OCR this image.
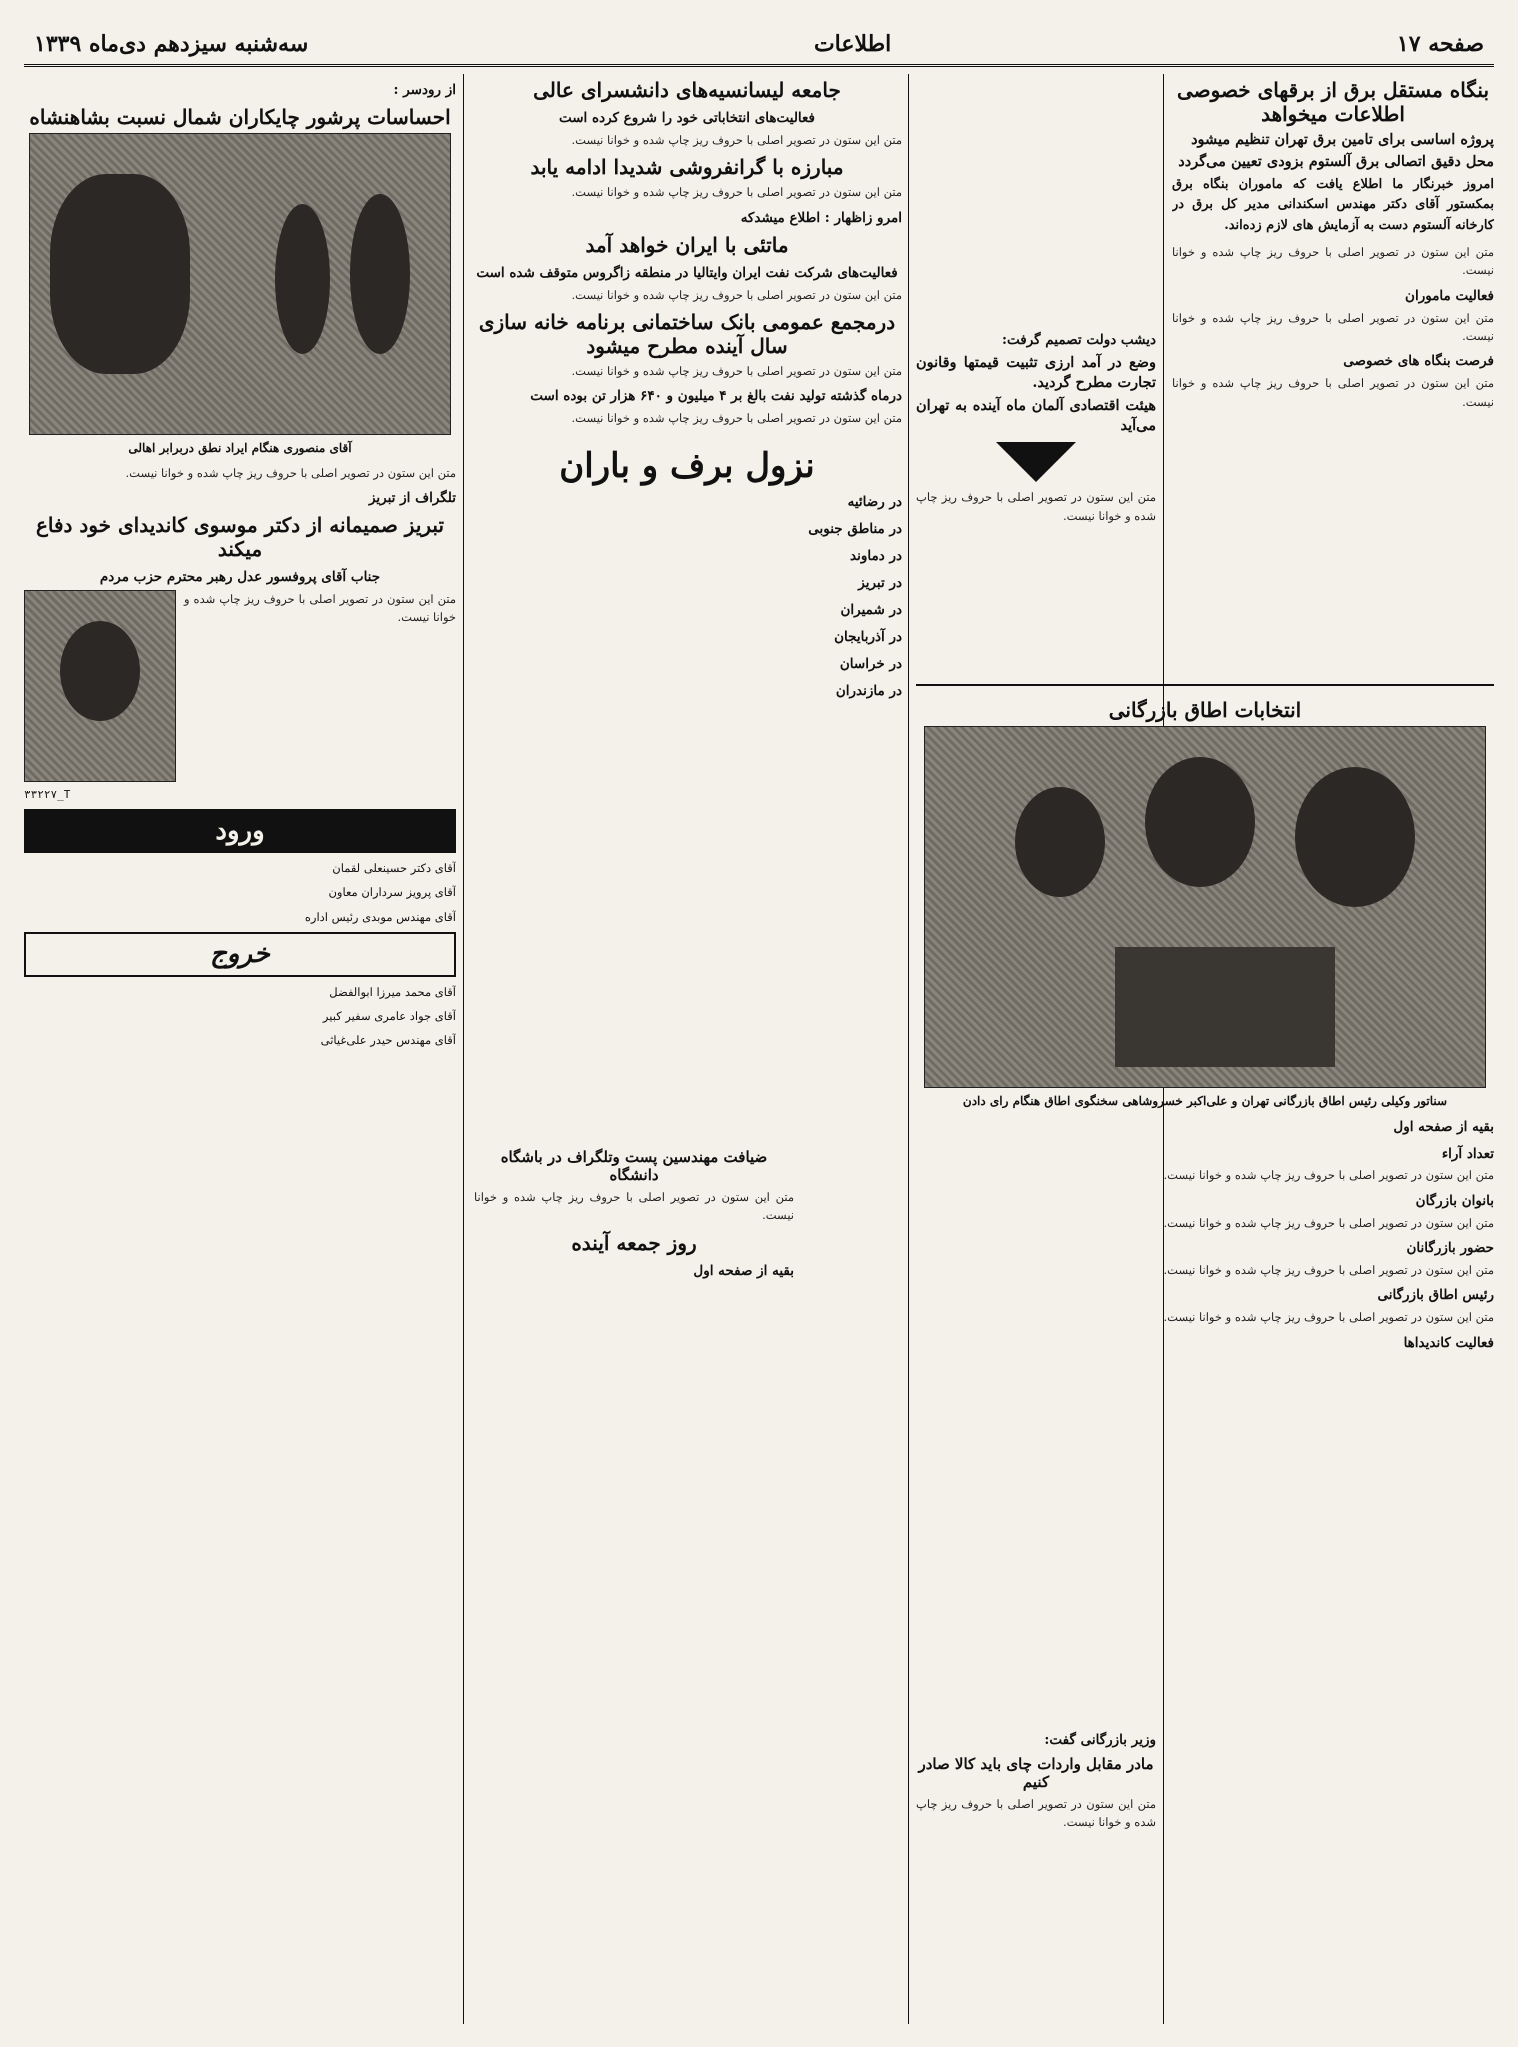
صفحه ۱۷
اطلاعات
سه‌شنبه سیزدهم دی‌ماه ۱۳۳۹
بنگاه مستقل برق از برقهای خصوصی اطلاعات میخواهد
پروژه اساسی برای تامین برق تهران تنظیم میشود
محل دقیق اتصالی برق آلستوم بزودی تعیین می‌گردد

امروز خبرنگار ما اطلاع یافت که ماموران بنگاه برق بمکستور آقای دکتر مهندس اسکندانی مدیر کل برق در کارخانه آلستوم دست به آزمایش های لازم زده‌اند.

متن این ستون در تصویر اصلی با حروف ریز چاپ شده و خوانا نیست.

فعالیت ماموران

متن این ستون در تصویر اصلی با حروف ریز چاپ شده و خوانا نیست.

فرصت بنگاه های خصوصی

متن این ستون در تصویر اصلی با حروف ریز چاپ شده و خوانا نیست.

دیشب دولت تصمیم گرفت:
وضع در آمد ارزی تثبیت قیمتها وقانون تجارت مطرح گردید.
هیئت اقتصادی آلمان ماه آینده به تهران می‌آید

متن این ستون در تصویر اصلی با حروف ریز چاپ شده و خوانا نیست.

انتخابات اطاق بازرگانی
سناتور وکیلی رئیس اطاق بازرگانی تهران و علی‌اکبر خسروشاهی سخنگوی اطاق هنگام رای دادن
بقیه از صفحه اول
تعداد آراء

متن این ستون در تصویر اصلی با حروف ریز چاپ شده و خوانا نیست.

بانوان بازرگان

متن این ستون در تصویر اصلی با حروف ریز چاپ شده و خوانا نیست.

حضور بازرگانان

متن این ستون در تصویر اصلی با حروف ریز چاپ شده و خوانا نیست.

رئیس اطاق بازرگانی

متن این ستون در تصویر اصلی با حروف ریز چاپ شده و خوانا نیست.

فعالیت کاندیداها
وزیر بازرگانی گفت:
مادر مقابل واردات چای باید کالا صادر کنیم

متن این ستون در تصویر اصلی با حروف ریز چاپ شده و خوانا نیست.

جامعه لیسانسیه‌های دانشسرای عالی
فعالیت‌های انتخاباتی خود را شروع کرده است

متن این ستون در تصویر اصلی با حروف ریز چاپ شده و خوانا نیست.

مبارزه با گرانفروشی شدیدا ادامه یابد

متن این ستون در تصویر اصلی با حروف ریز چاپ شده و خوانا نیست.

امرو زاظهار : اطلاع میشدکه
ماتئی با ایران خواهد آمد
فعالیت‌های شرکت نفت ایران وایتالیا در منطقه زاگروس متوقف شده است

متن این ستون در تصویر اصلی با حروف ریز چاپ شده و خوانا نیست.

درمجمع عمومی بانک ساختمانی برنامه خانه سازی سال آینده مطرح میشود

متن این ستون در تصویر اصلی با حروف ریز چاپ شده و خوانا نیست.

درماه گذشته تولید نفت بالغ بر ۴ میلیون و ۶۴۰ هزار تن بوده است

متن این ستون در تصویر اصلی با حروف ریز چاپ شده و خوانا نیست.

نزول برف و باران
در رضائیه
در مناطق جنوبی
در دماوند
در تبریز
در شمیران
در آذربایجان
در خراسان
در مازندران
از رودسر :
احساسات پرشور چایکاران شمال نسبت بشاهنشاه
آقای منصوری هنگام ایراد نطق دربرابر اهالی

متن این ستون در تصویر اصلی با حروف ریز چاپ شده و خوانا نیست.

تلگراف از تبریز
تبریز صمیمانه از دکتر موسوی کاندیدای خود دفاع میکند
جناب آقای پروفسور عدل رهبر محترم حزب مردم

متن این ستون در تصویر اصلی با حروف ریز چاپ شده و خوانا نیست.

۳۳۲۲۷_T
ورود
آقای دکتر حسینعلی لقمان
آقای پرویز سرداران معاون
آقای مهندس موبدی رئیس اداره
خروج
آقای محمد میرزا ابوالفضل
آقای جواد عامری سفیر کبیر
آقای مهندس حیدر علی‌غیاثی
ضیافت مهندسین پست وتلگراف در باشگاه دانشگاه

متن این ستون در تصویر اصلی با حروف ریز چاپ شده و خوانا نیست.

روز جمعه آینده
بقیه از صفحه اول
